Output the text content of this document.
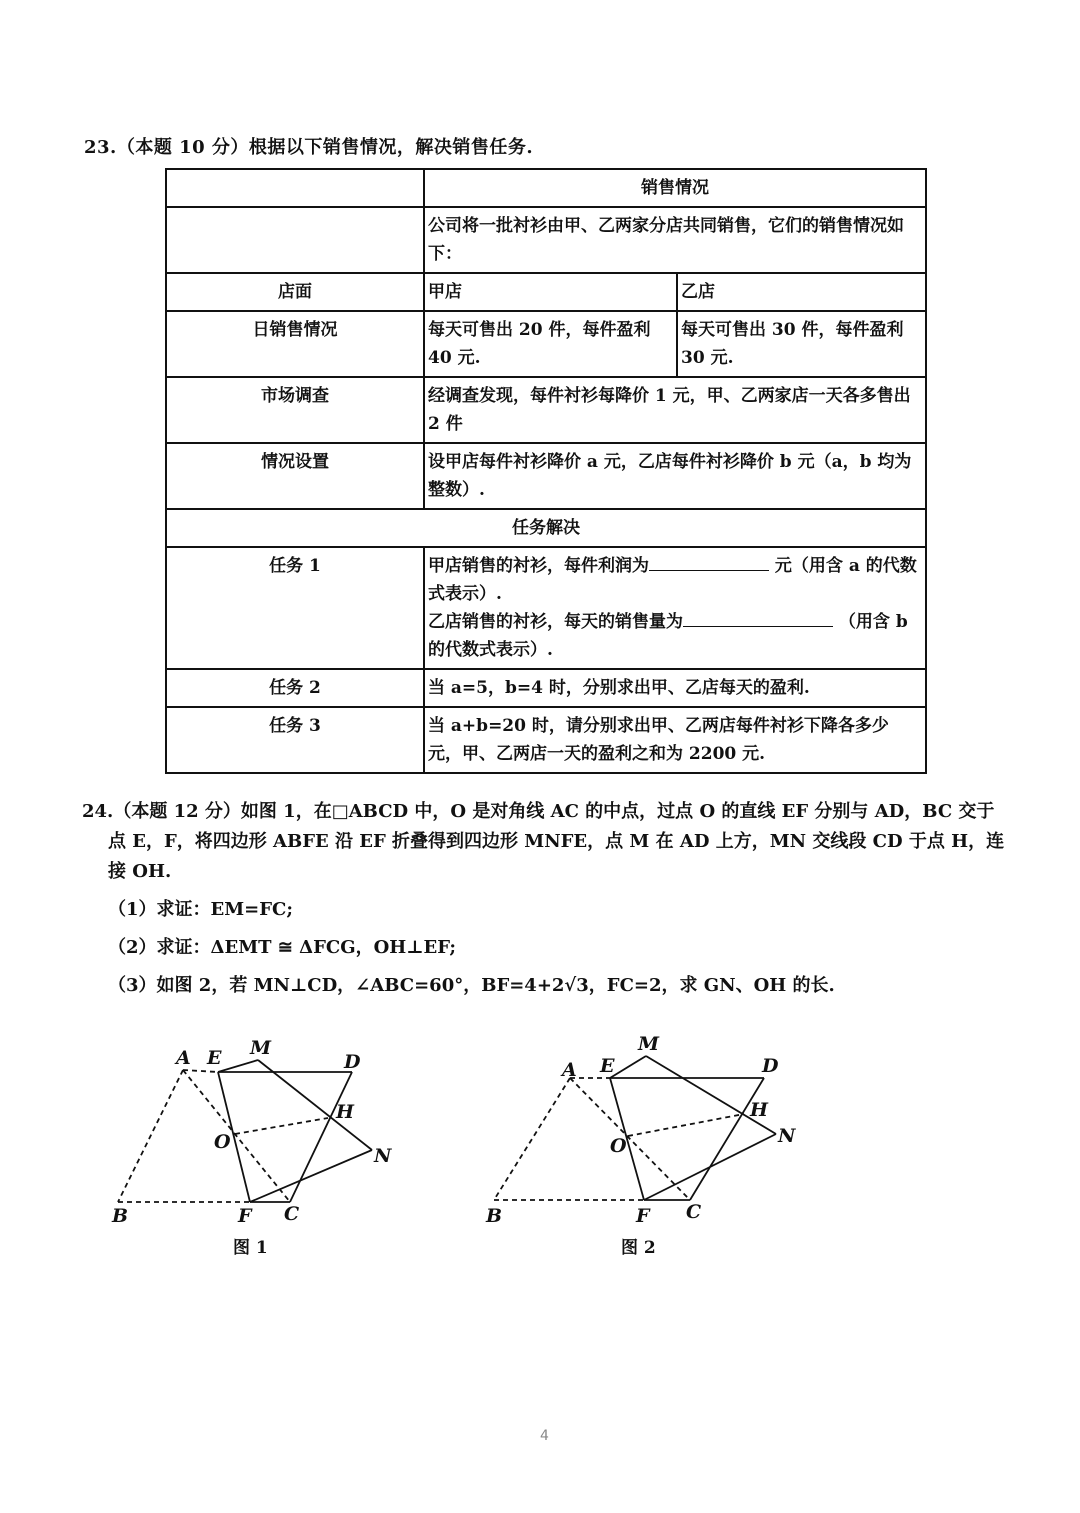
23.（本题 10 分）根据以下销售情况，解决销售任务.
	销售情况	
	公司将一批衬衫由甲、乙两家分店共同销售，它们的销售情况如下：	
店面	甲店	乙店
日销售情况	每天可售出 20 件，每件盈利 40 元.	每天可售出 30 件，每件盈利 30 元.
市场调查	经调查发现，每件衬衫每降价 1 元，甲、乙两家店一天各多售出 2 件	
情况设置	设甲店每件衬衫降价 a 元，乙店每件衬衫降价 b 元（a，b 均为整数）.	
任务解决		
任务 1	甲店销售的衬衫，每件利润为 元（用含 a 的代数式表示）.
乙店销售的衬衫，每天的销售量为 （用含 b 的代数式表示）.	
任务 2	当 a=5，b=4 时，分别求出甲、乙店每天的盈利.	
任务 3	当 a+b=20 时，请分别求出甲、乙两店每件衬衫下降各多少元，甲、乙两店一天的盈利之和为 2200 元.	
24.（本题 12 分）如图 1，在□ABCD 中，O 是对角线 AC 的中点，过点 O 的直线 EF 分别与 AD，BC 交于
点 E，F，将四边形 ABFE 沿 EF 折叠得到四边形 MNFE，点 M 在 AD 上方，MN 交线段 CD 于点 H，连
接 OH.
（1）求证：EM=FC;
（2）求证：ΔEMT ≅ ΔFCG，OH⊥EF;
（3）如图 2，若 MN⊥CD，∠ABC=60°，BF=4+2√3，FC=2，求 GN、OH 的长.
A E M
D
H
O
N
B	F C
图 1
A E
M
D
H
O	N
B	F C
图 2
4
